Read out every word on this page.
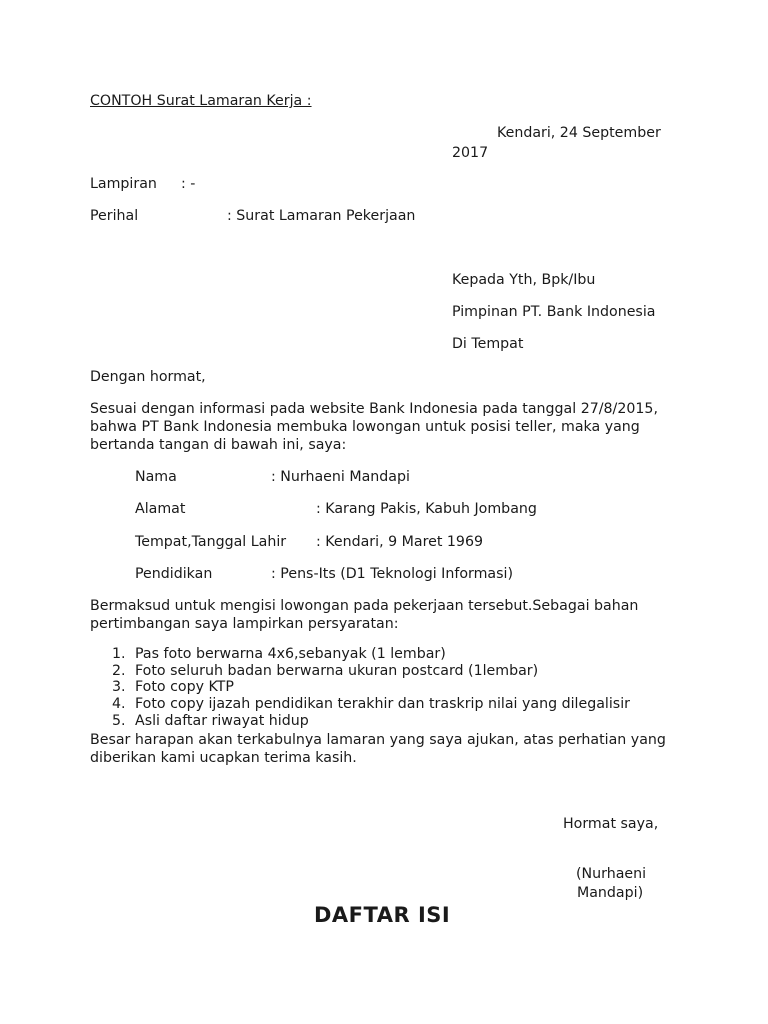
CONTOH Surat Lamaran Kerja :
Kendari, 24 September
2017
Lampiran : -
Perihal	: Surat Lamaran Pekerjaan
Kepada Yth, Bpk/Ibu
Pimpinan PT. Bank Indonesia
Di Tempat
Dengan hormat,
Sesuai dengan informasi pada website Bank Indonesia pada tanggal 27/8/2015,
bahwa PT Bank Indonesia membuka lowongan untuk posisi teller, maka yang
bertanda tangan di bawah ini, saya:
Nama	: Nurhaeni Mandapi
Alamat	: Karang Pakis, Kabuh Jombang
Tempat,Tanggal Lahir : Kendari, 9 Maret 1969
Pendidikan	: Pens-Its (D1 Teknologi Informasi)
Bermaksud untuk mengisi lowongan pada pekerjaan tersebut.Sebagai bahan
pertimbangan saya lampirkan persyaratan:
1. Pas foto berwarna 4x6,sebanyak (1 lembar)
2. Foto seluruh badan berwarna ukuran postcard (1lembar)
3. Foto copy KTP
4. Foto copy ijazah pendidikan terakhir dan traskrip nilai yang dilegalisir
5. Asli daftar riwayat hidup
Besar harapan akan terkabulnya lamaran yang saya ajukan, atas perhatian yang
diberikan kami ucapkan terima kasih.
Hormat saya,
(Nurhaeni
Mandapi)
DAFTAR ISI
